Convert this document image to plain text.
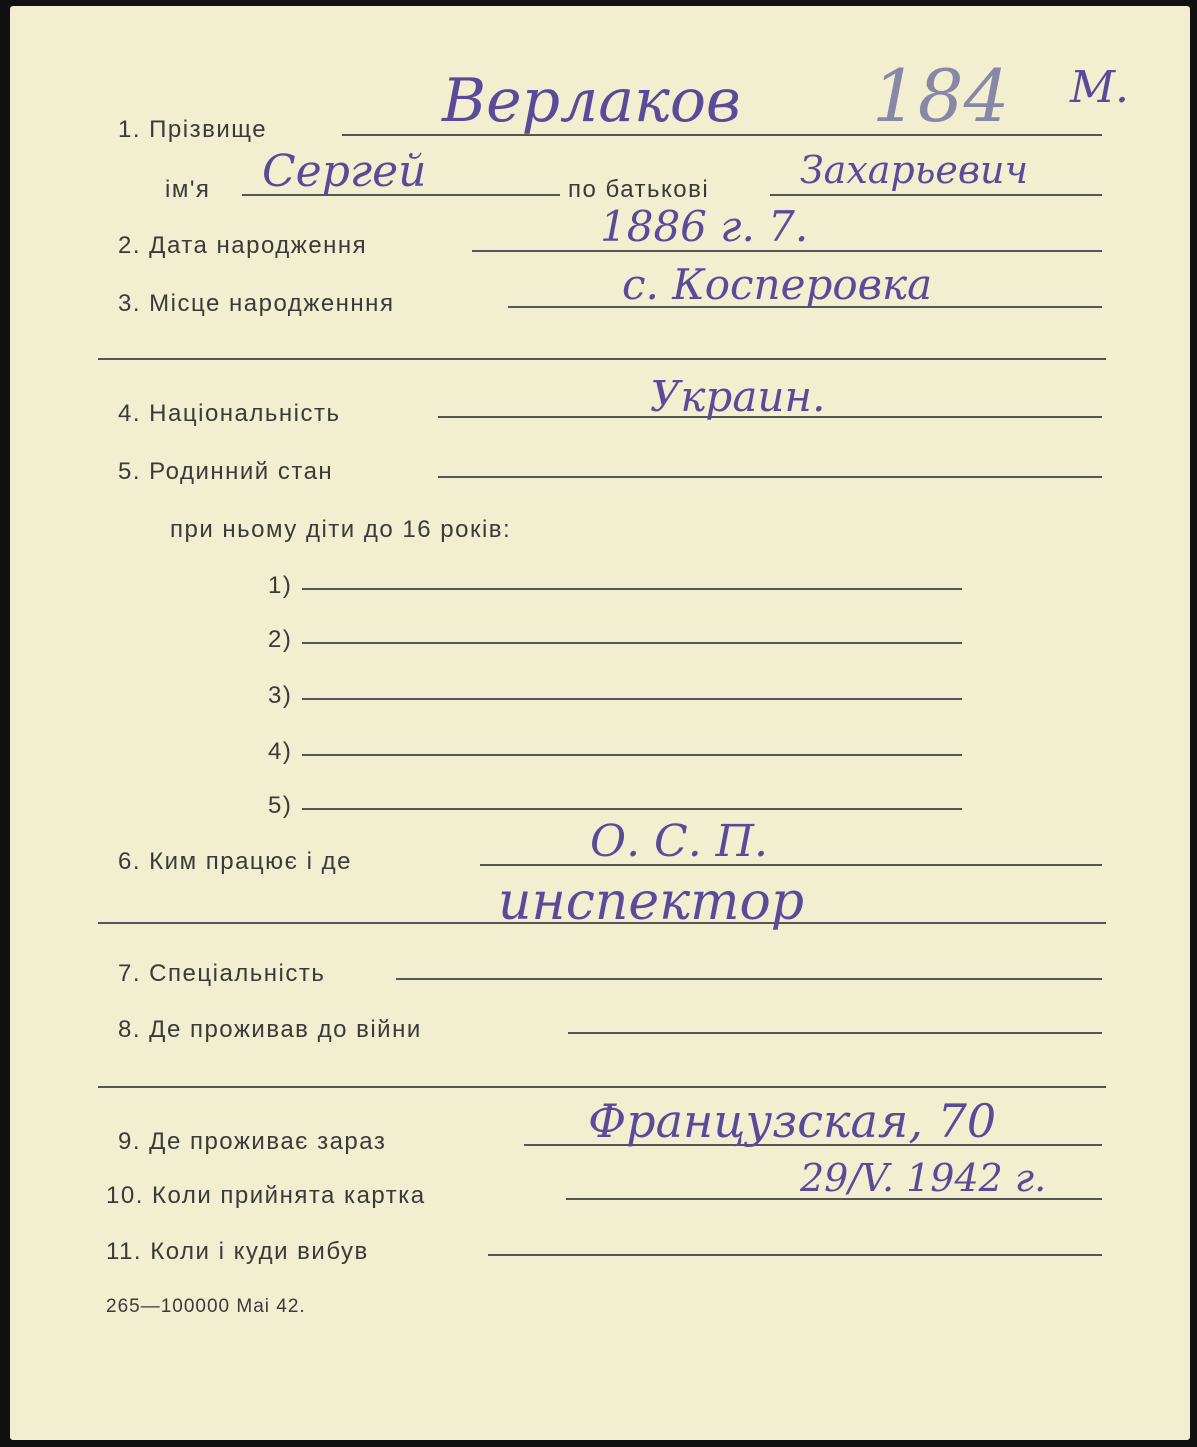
1. Прізвище	Верлаков 184 М.
ім'я Сергей	по батькові Захарьевич
2. Дата народження	1886 г. 7.
3. Місце народженння	с. Косперовка
4. Національність	Украин.
5. Родинний стан
при ньому діти до 16 років:
1)
2)
3)
4)
5)
6. Ким працює і де	О. С. П.
инспектор
7. Спеціальність
8. Де проживав до війни
9. Де проживає зараз	Французская, 70
10. Коли прийнята картка	29/V. 1942 г.
11. Коли і куди вибув
265—100000 Mai 42.
